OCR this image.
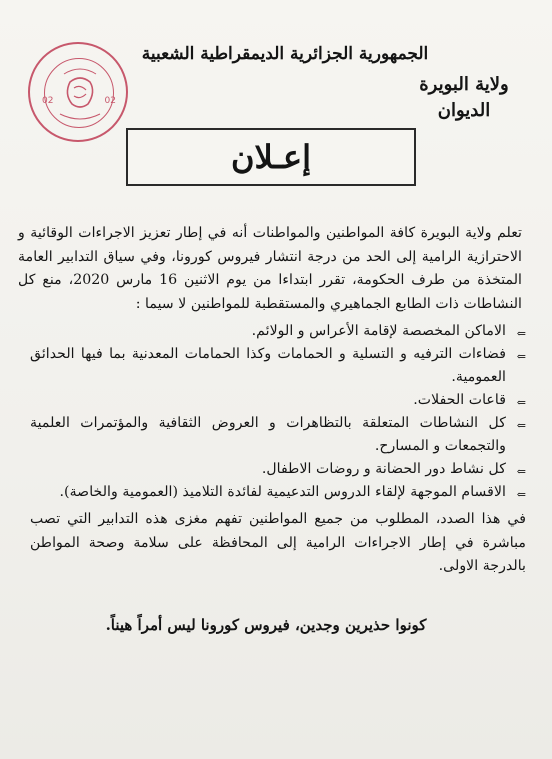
02	02
الجمهورية الجزائرية الديمقراطية الشعبية
ولاية البويرة
الديوان
إعـلان
تعلم ولاية البويرة كافة المواطنين والمواطنات أنه في إطار تعزيز الاجراءات الوقائية و الاحترازية الرامية إلى الحد من درجة انتشار فيروس كورونا، وفي سياق التدابير العامة المتخذة من طرف الحكومة، تقرر ابتداءا من يوم الاثنين 16 مارس 2020، منع كل النشاطات ذات الطابع الجماهيري والمستقطبة للمواطنين لا سيما :
⇐
الاماكن المخصصة لإقامة الأعراس و الولائم.
⇐
فضاءات الترفيه و التسلية و الحمامات وكذا الحمامات المعدنية بما فيها الحدائق العمومية.
⇐
قاعات الحفلات.
⇐
كل النشاطات المتعلقة بالتظاهرات و العروض الثقافية والمؤتمرات العلمية والتجمعات و المسارح.
⇐
كل نشاط دور الحضانة و روضات الاطفال.
⇐
الاقسام الموجهة لإلقاء الدروس التدعيمية لفائدة التلاميذ (العمومية والخاصة).
في هذا الصدد، المطلوب من جميع المواطنين تفهم مغزى هذه التدابير التي تصب مباشرة في إطار الاجراءات الرامية إلى المحافظة على سلامة وصحة المواطن بالدرجة الاولى.
كونوا حذيرين وجدين، فيروس كورونا ليس أمراً هيناً.
